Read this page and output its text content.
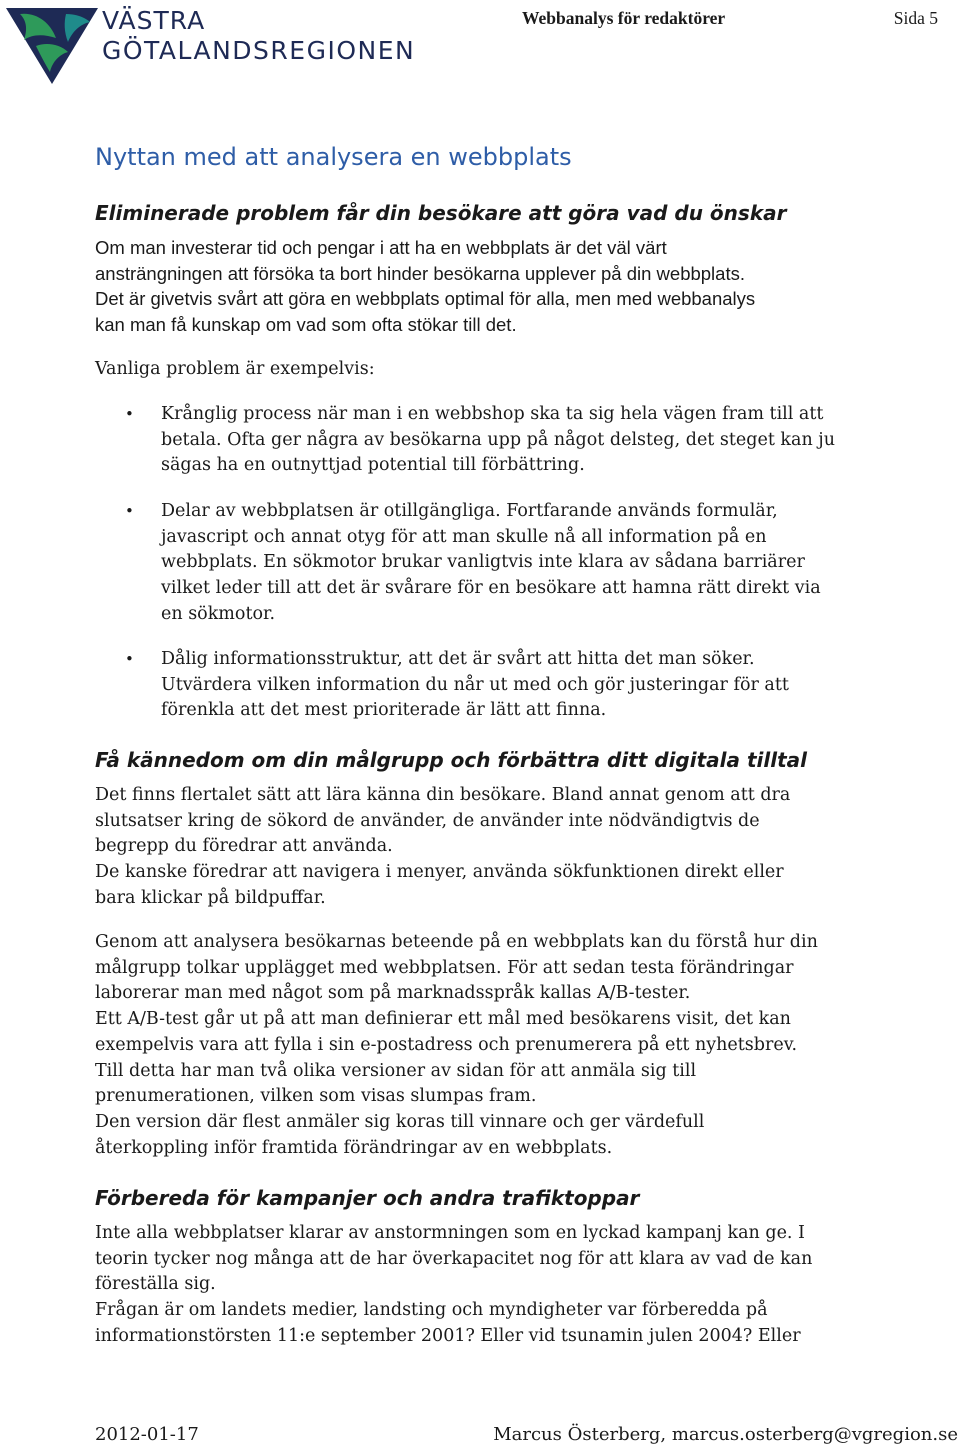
VÄSTRA
GÖTALANDSREGIONEN
Webbanalys för redaktörer	Sida 5
Nyttan med att analysera en webbplats
Eliminerade problem får din besökare att göra vad du önskar
Om man investerar tid och pengar i att ha en webbplats är det väl värt
ansträngningen att försöka ta bort hinder besökarna upplever på din webbplats.
Det är givetvis svårt att göra en webbplats optimal för alla, men med webbanalys
kan man få kunskap om vad som ofta stökar till det.
Vanliga problem är exempelvis:
• Krånglig process när man i en webbshop ska ta sig hela vägen fram till att
betala. Ofta ger några av besökarna upp på något delsteg, det steget kan ju
sägas ha en outnyttjad potential till förbättring.
• Delar av webbplatsen är otillgängliga. Fortfarande används formulär,
javascript och annat otyg för att man skulle nå all information på en
webbplats. En sökmotor brukar vanligtvis inte klara av sådana barriärer
vilket leder till att det är svårare för en besökare att hamna rätt direkt via
en sökmotor.
• Dålig informationsstruktur, att det är svårt att hitta det man söker.
Utvärdera vilken information du når ut med och gör justeringar för att
förenkla att det mest prioriterade är lätt att finna.
Få kännedom om din målgrupp och förbättra ditt digitala tilltal
Det finns flertalet sätt att lära känna din besökare. Bland annat genom att dra
slutsatser kring de sökord de använder, de använder inte nödvändigtvis de
begrepp du föredrar att använda.
De kanske föredrar att navigera i menyer, använda sökfunktionen direkt eller
bara klickar på bildpuffar.
Genom att analysera besökarnas beteende på en webbplats kan du förstå hur din
målgrupp tolkar upplägget med webbplatsen. För att sedan testa förändringar
laborerar man med något som på marknadsspråk kallas A/B-tester.
Ett A/B-test går ut på att man definierar ett mål med besökarens visit, det kan
exempelvis vara att fylla i sin e-postadress och prenumerera på ett nyhetsbrev.
Till detta har man två olika versioner av sidan för att anmäla sig till
prenumerationen, vilken som visas slumpas fram.
Den version där flest anmäler sig koras till vinnare och ger värdefull
återkoppling inför framtida förändringar av en webbplats.
Förbereda för kampanjer och andra trafiktoppar
Inte alla webbplatser klarar av anstormningen som en lyckad kampanj kan ge. I
teorin tycker nog många att de har överkapacitet nog för att klara av vad de kan
föreställa sig.
Frågan är om landets medier, landsting och myndigheter var förberedda på
informationstörsten 11:e september 2001? Eller vid tsunamin julen 2004? Eller
2012-01-17	Marcus Österberg, marcus.osterberg@vgregion.se
